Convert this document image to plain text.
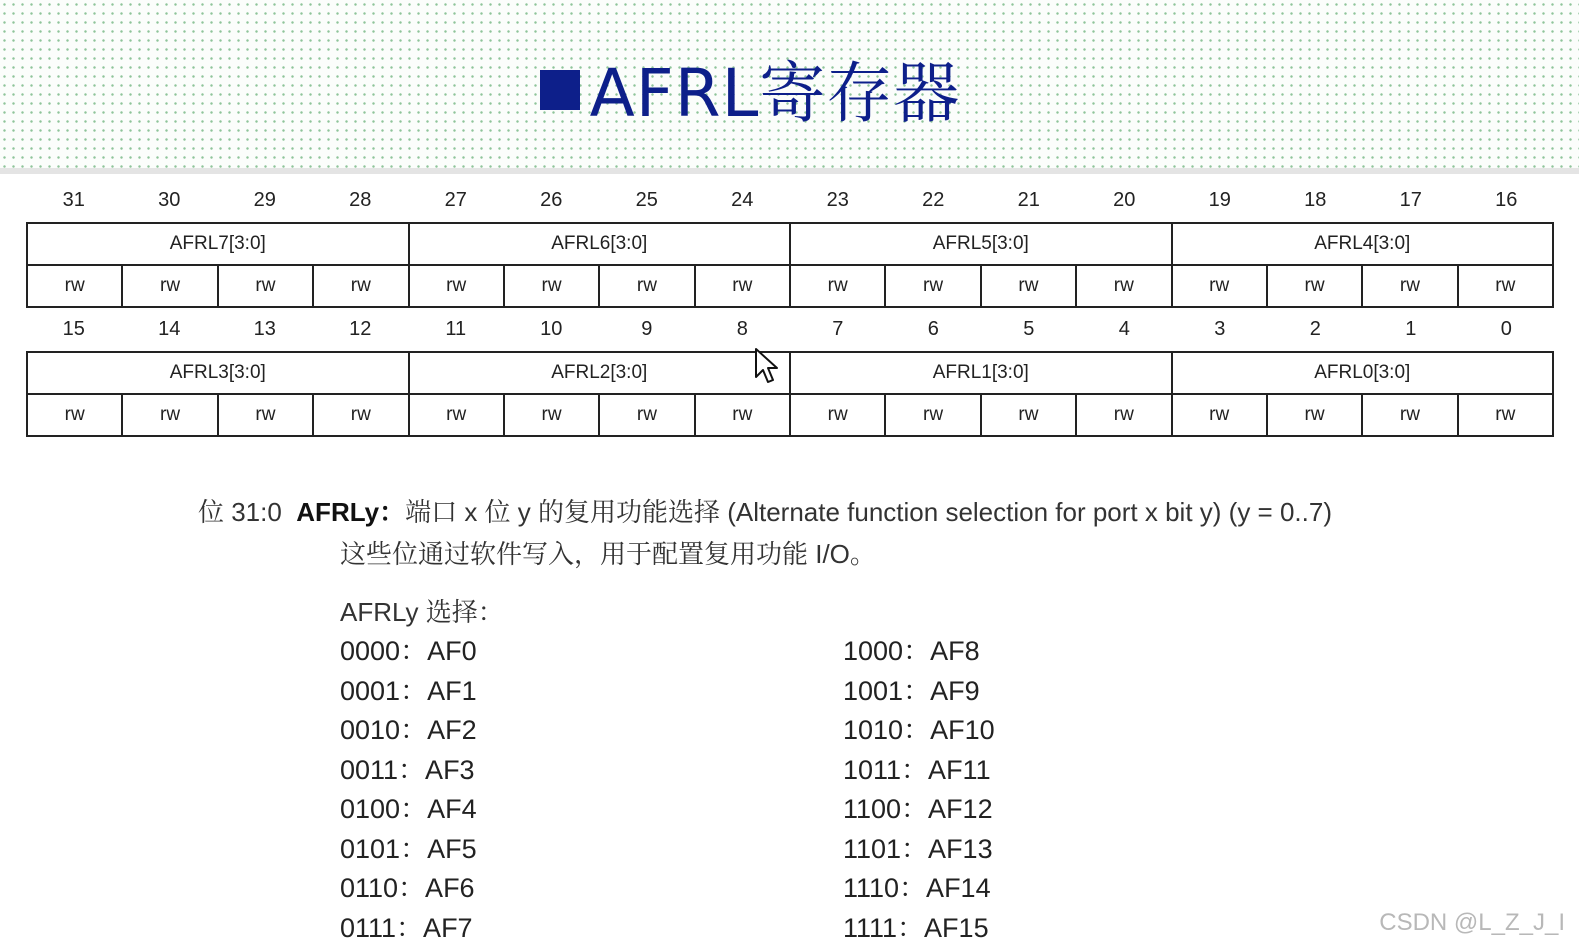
AFRL寄存器
31	30	29	28	27	26	25	24	23	22	21	20	19	18	17	16
AFRL7[3:0]				AFRL6[3:0]				AFRL5[3:0]				AFRL4[3:0]			
rw	rw	rw	rw	rw	rw	rw	rw	rw	rw	rw	rw	rw	rw	rw	rw
15	14	13	12	11	10	9	8	7	6	5	4	3	2	1	0
AFRL3[3:0]				AFRL2[3:0]				AFRL1[3:0]				AFRL0[3:0]			
rw	rw	rw	rw	rw	rw	rw	rw	rw	rw	rw	rw	rw	rw	rw	rw
位 31:0 AFRLy：端口 x 位 y 的复用功能选择 (Alternate function selection for port x bit y) (y = 0..7)
这些位通过软件写入，用于配置复用功能 I/O。
AFRLy 选择：
0000：AF0
0001：AF1
0010：AF2
0011：AF3
0100：AF4
0101：AF5
0110：AF6
0111：AF7
1000：AF8
1001：AF9
1010：AF10
1011：AF11
1100：AF12
1101：AF13
1110：AF14
1111：AF15	CSDN @L_Z_J_I
